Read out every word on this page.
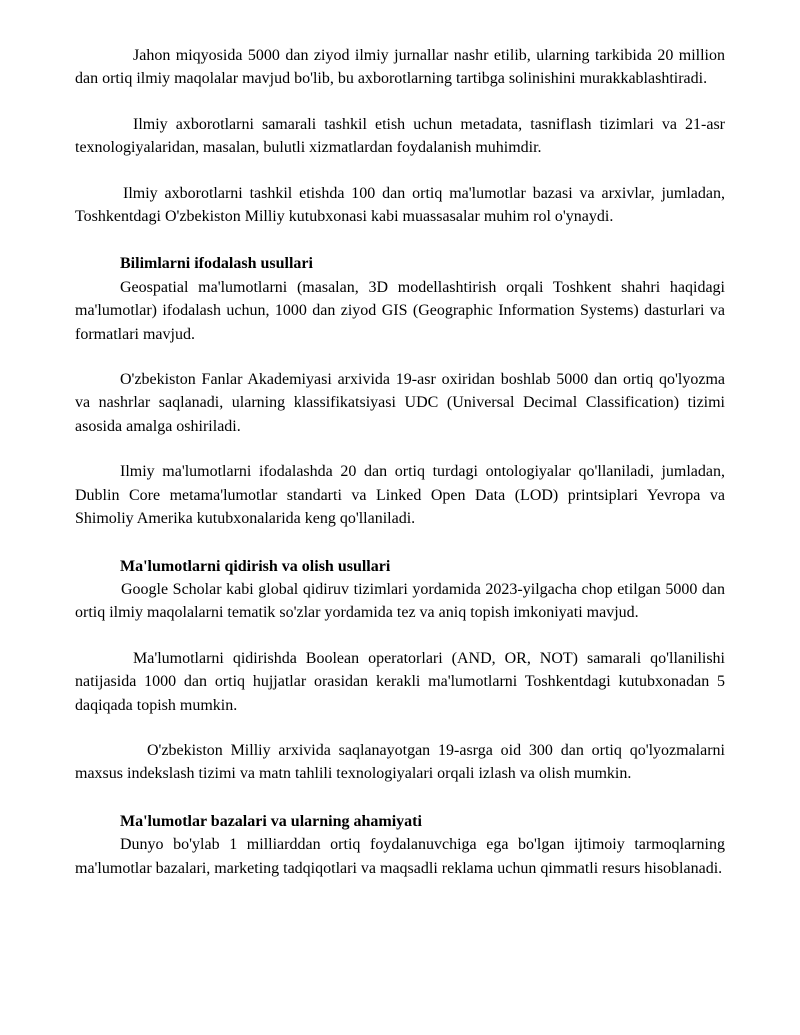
Jahon miqyosida 5000 dan ziyod ilmiy jurnallar nashr etilib, ularning tarkibida 20 million dan ortiq ilmiy maqolalar mavjud bo'lib, bu axborotlarning tartibga solinishini murakkablashtiradi.

Ilmiy axborotlarni samarali tashkil etish uchun metadata, tasniflash tizimlari va 21-asr texnologiyalaridan, masalan, bulutli xizmatlardan foydalanish muhimdir.

Ilmiy axborotlarni tashkil etishda 100 dan ortiq ma'lumotlar bazasi va arxivlar, jumladan, Toshkentdagi O'zbekiston Milliy kutubxonasi kabi muassasalar muhim rol o'ynaydi.

Bilimlarni ifodalash usullari

Geospatial ma'lumotlarni (masalan, 3D modellashtirish orqali Toshkent shahri haqidagi ma'lumotlar) ifodalash uchun, 1000 dan ziyod GIS (Geographic Information Systems) dasturlari va formatlari mavjud.

O'zbekiston Fanlar Akademiyasi arxivida 19-asr oxiridan boshlab 5000 dan ortiq qo'lyozma va nashrlar saqlanadi, ularning klassifikatsiyasi UDC (Universal Decimal Classification) tizimi asosida amalga oshiriladi.

Ilmiy ma'lumotlarni ifodalashda 20 dan ortiq turdagi ontologiyalar qo'llaniladi, jumladan, Dublin Core metama'lumotlar standarti va Linked Open Data (LOD) printsiplari Yevropa va Shimoliy Amerika kutubxonalarida keng qo'llaniladi.

Ma'lumotlarni qidirish va olish usullari

Google Scholar kabi global qidiruv tizimlari yordamida 2023-yilgacha chop etilgan 5000 dan ortiq ilmiy maqolalarni tematik so'zlar yordamida tez va aniq topish imkoniyati mavjud.

Ma'lumotlarni qidirishda Boolean operatorlari (AND, OR, NOT) samarali qo'llanilishi natijasida 1000 dan ortiq hujjatlar orasidan kerakli ma'lumotlarni Toshkentdagi kutubxonadan 5 daqiqada topish mumkin.

O'zbekiston Milliy arxivida saqlanayotgan 19-asrga oid 300 dan ortiq qo'lyozmalarni maxsus indekslash tizimi va matn tahlili texnologiyalari orqali izlash va olish mumkin.

Ma'lumotlar bazalari va ularning ahamiyati

Dunyo bo'ylab 1 milliarddan ortiq foydalanuvchiga ega bo'lgan ijtimoiy tarmoqlarning ma'lumotlar bazalari, marketing tadqiqotlari va maqsadli reklama uchun qimmatli resurs hisoblanadi.
